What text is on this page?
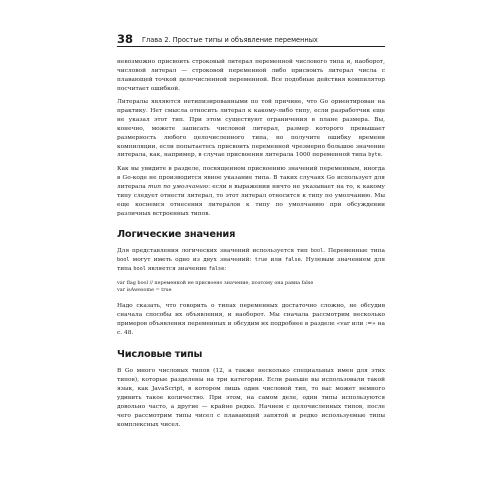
38 Глава 2. Простые типы и объявление переменных

невозможно присвоить строковый литерал переменной числового типа и, наоборот, числовой литерал — строковой переменной либо присвоить литерал числа с плавающей точкой целочисленной переменной. Все подобные действия компилятор посчитает ошибкой.

Литералы являются нетипизированными по той причине, что Go ориентирован на практику. Нет смысла относить литерал к какому-либо типу, если разработчик еще не указал этот тип. При этом существуют ограничения в плане размера. Вы, конечно, можете записать числовой литерал, размер которого превышает размерность любого целочисленного типа, но получите ошибку времени компиляции, если попытаетесь присвоить переменной чрезмерно большое значение литерала, как, например, в случае присвоения литерала 1000 переменной типа byte.

Как вы увидите в разделе, посвященном присвоению значений переменным, иногда в Go-коде не производится явное указание типа. В таких случаях Go использует для литерала тип по умолчанию: если в выражении ничто не указывает на то, к какому типу следует отнести литерал, то этот литерал относится к типу по умолчанию. Мы еще коснемся отнесения литералов к типу по умолчанию при обсуждении различных встроенных типов.

Логические значения

Для представления логических значений используется тип bool. Переменные типа bool могут иметь одно из двух значений: true или false. Нулевым значением для типа bool является значение false:

var flag bool // переменной не присвоено значение, поэтому она равна false
var isAwesome = true

Надо сказать, что говорить о типах переменных достаточно сложно, не обсудив сначала способы их объявления, и наоборот. Мы сначала рассмотрим несколько примеров объявления переменных и обсудим их подробнее в разделе «var или :=» на с. 48.

Числовые типы

В Go много числовых типов (12, а также несколько специальных имен для этих типов), которые разделены на три категории. Если раньше вы использовали такой язык, как JavaScript, в котором лишь один числовой тип, то вас может немного удивить такое количество. При этом, на самом деле, одни типы используются довольно часто, а другие — крайне редко. Начнем с целочисленных типов, после чего рассмотрим типы чисел с плавающей запятой и редко используемые типы комплексных чисел.
